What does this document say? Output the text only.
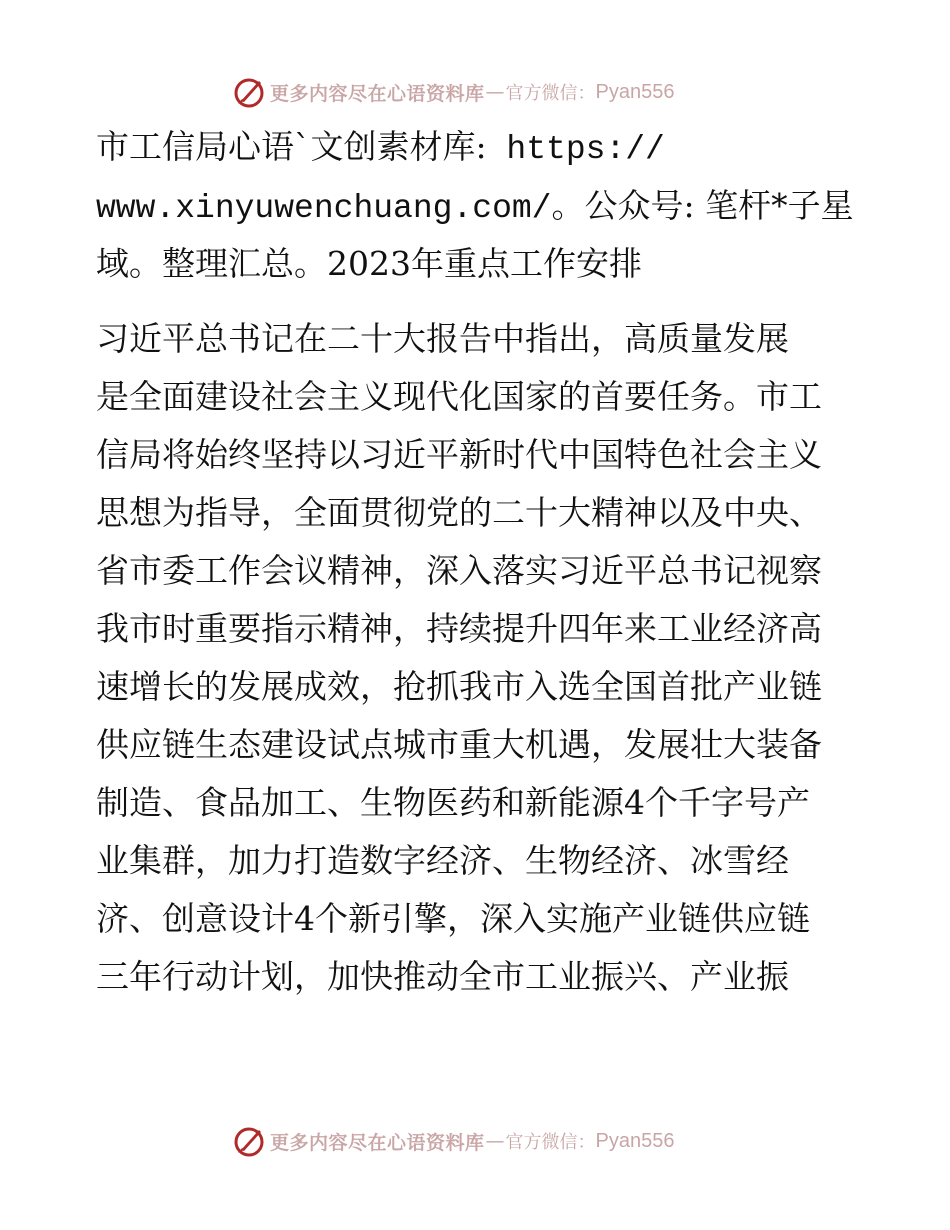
更多内容尽在心语资料库 — 官方微信： Pyan556
市工信局心语`文创素材库: https://
www.xinyuwenchuang.com/。公众号: 笔杆*子星
域。整理汇总。2023年重点工作安排
习近平总书记在二十大报告中指出，高质量发展
是全面建设社会主义现代化国家的首要任务。市工
信局将始终坚持以习近平新时代中国特色社会主义
思想为指导，全面贯彻党的二十大精神以及中央、
省市委工作会议精神，深入落实习近平总书记视察
我市时重要指示精神，持续提升四年来工业经济高
速增长的发展成效，抢抓我市入选全国首批产业链
供应链生态建设试点城市重大机遇，发展壮大装备
制造、食品加工、生物医药和新能源4个千字号产
业集群，加力打造数字经济、生物经济、冰雪经
济、创意设计4个新引擎，深入实施产业链供应链
三年行动计划，加快推动全市工业振兴、产业振
更多内容尽在心语资料库 — 官方微信： Pyan556
